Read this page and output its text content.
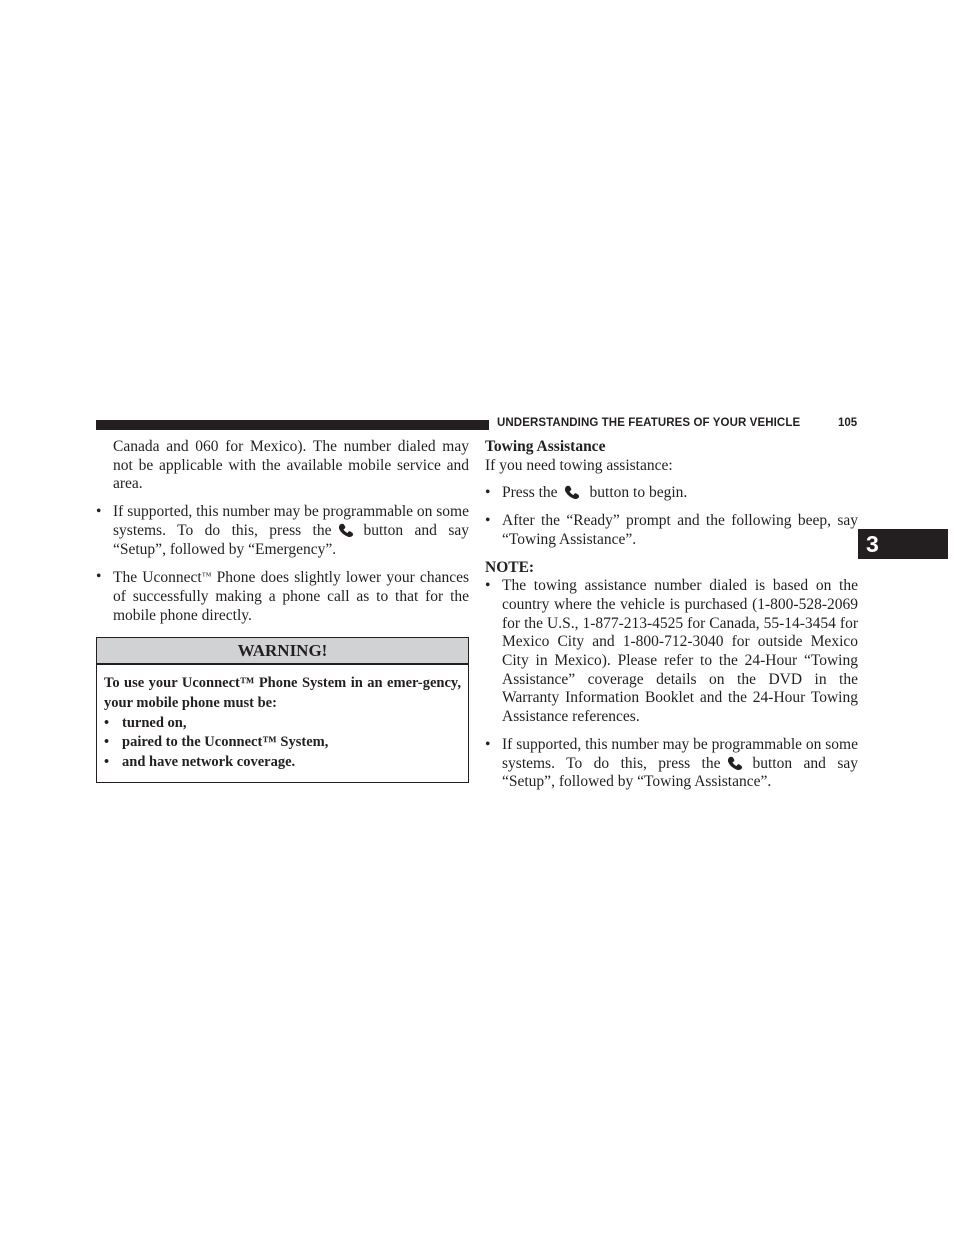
UNDERSTANDING THE FEATURES OF YOUR VEHICLE	105
3

Canada and 060 for Mexico). The number dialed may not be applicable with the available mobile service and area.

• If supported, this number may be programmable on some systems. To do this, press the button and say “Setup”, followed by “Emergency”.
• The Uconnect™ Phone does slightly lower your chances of successfully making a phone call as to that for the mobile phone directly.
WARNING!

To use your Uconnect™ Phone System in an emer-gency, your mobile phone must be:

• turned on,
• paired to the Uconnect™ System,
• and have network coverage.

Towing Assistance

If you need towing assistance:

• Press the button to begin.
• After the “Ready” prompt and the following beep, say “Towing Assistance”.

NOTE:

• The towing assistance number dialed is based on the country where the vehicle is purchased (1-800-528-2069 for the U.S., 1-877-213-4525 for Canada, 55-14-3454 for Mexico City and 1-800-712-3040 for outside Mexico City in Mexico). Please refer to the 24-Hour “Towing Assistance” coverage details on the DVD in the Warranty Information Booklet and the 24-Hour Towing Assistance references.
• If supported, this number may be programmable on some systems. To do this, press the button and say “Setup”, followed by “Towing Assistance”.
